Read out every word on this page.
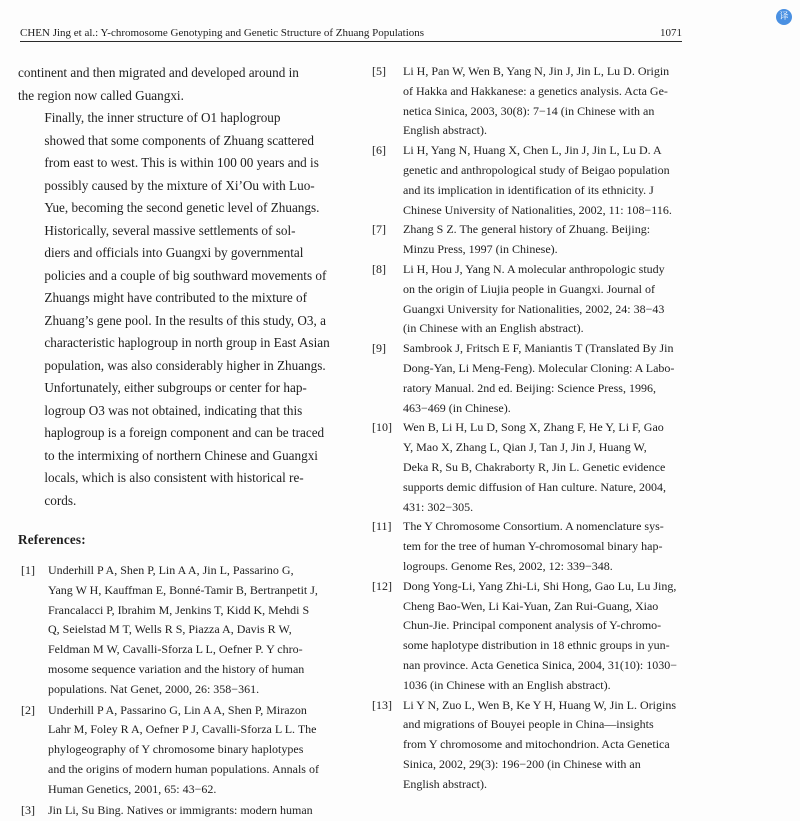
CHEN Jing et al.: Y-chromosome Genotyping and Genetic Structure of Zhuang Populations	1071
译
continent and then migrated and developed around in
the region now called Guangxi.
Finally, the inner structure of O1 haplogroup
showed that some components of Zhuang scattered
from east to west. This is within 100 00 years and is
possibly caused by the mixture of Xi’Ou with Luo-
Yue, becoming the second genetic level of Zhuangs.
Historically, several massive settlements of sol-
diers and officials into Guangxi by governmental
policies and a couple of big southward movements of
Zhuangs might have contributed to the mixture of
Zhuang’s gene pool. In the results of this study, O3, a
characteristic haplogroup in north group in East Asian
population, was also considerably higher in Zhuangs.
Unfortunately, either subgroups or center for hap-
logroup O3 was not obtained, indicating that this
haplogroup is a foreign component and can be traced
to the intermixing of northern Chinese and Guangxi
locals, which is also consistent with historical re-
cords.
References:
[1] Underhill P A, Shen P, Lin A A, Jin L, Passarino G,
Yang W H, Kauffman E, Bonné-Tamir B, Bertranpetit J,
Francalacci P, Ibrahim M, Jenkins T, Kidd K, Mehdi S
Q, Seielstad M T, Wells R S, Piazza A, Davis R W,
Feldman M W, Cavalli-Sforza L L, Oefner P. Y chro-
mosome sequence variation and the history of human
populations. Nat Genet, 2000, 26: 358−361.
[2] Underhill P A, Passarino G, Lin A A, Shen P, Mirazon
Lahr M, Foley R A, Oefner P J, Cavalli-Sforza L L. The
phylogeography of Y chromosome binary haplotypes
and the origins of modern human populations. Annals of
Human Genetics, 2001, 65: 43−62.
[3] Jin Li, Su Bing. Natives or immigrants: modern human
[5] Li H, Pan W, Wen B, Yang N, Jin J, Jin L, Lu D. Origin
of Hakka and Hakkanese: a genetics analysis. Acta Ge-
netica Sinica, 2003, 30(8): 7−14 (in Chinese with an
English abstract).
[6] Li H, Yang N, Huang X, Chen L, Jin J, Jin L, Lu D. A
genetic and anthropological study of Beigao population
and its implication in identification of its ethnicity. J
Chinese University of Nationalities, 2002, 11: 108−116.
[7] Zhang S Z. The general history of Zhuang. Beijing:
Minzu Press, 1997 (in Chinese).
[8] Li H, Hou J, Yang N. A molecular anthropologic study
on the origin of Liujia people in Guangxi. Journal of
Guangxi University for Nationalities, 2002, 24: 38−43
(in Chinese with an English abstract).
[9] Sambrook J, Fritsch E F, Maniantis T (Translated By Jin
Dong-Yan, Li Meng-Feng). Molecular Cloning: A Labo-
ratory Manual. 2nd ed. Beijing: Science Press, 1996,
463−469 (in Chinese).
[10] Wen B, Li H, Lu D, Song X, Zhang F, He Y, Li F, Gao
Y, Mao X, Zhang L, Qian J, Tan J, Jin J, Huang W,
Deka R, Su B, Chakraborty R, Jin L. Genetic evidence
supports demic diffusion of Han culture. Nature, 2004,
431: 302−305.
[11] The Y Chromosome Consortium. A nomenclature sys-
tem for the tree of human Y-chromosomal binary hap-
logroups. Genome Res, 2002, 12: 339−348.
[12] Dong Yong-Li, Yang Zhi-Li, Shi Hong, Gao Lu, Lu Jing,
Cheng Bao-Wen, Li Kai-Yuan, Zan Rui-Guang, Xiao
Chun-Jie. Principal component analysis of Y-chromo-
some haplotype distribution in 18 ethnic groups in yun-
nan province. Acta Genetica Sinica, 2004, 31(10): 1030−
1036 (in Chinese with an English abstract).
[13] Li Y N, Zuo L, Wen B, Ke Y H, Huang W, Jin L. Origins
and migrations of Bouyei people in China—insights
from Y chromosome and mitochondrion. Acta Genetica
Sinica, 2002, 29(3): 196−200 (in Chinese with an
English abstract).
